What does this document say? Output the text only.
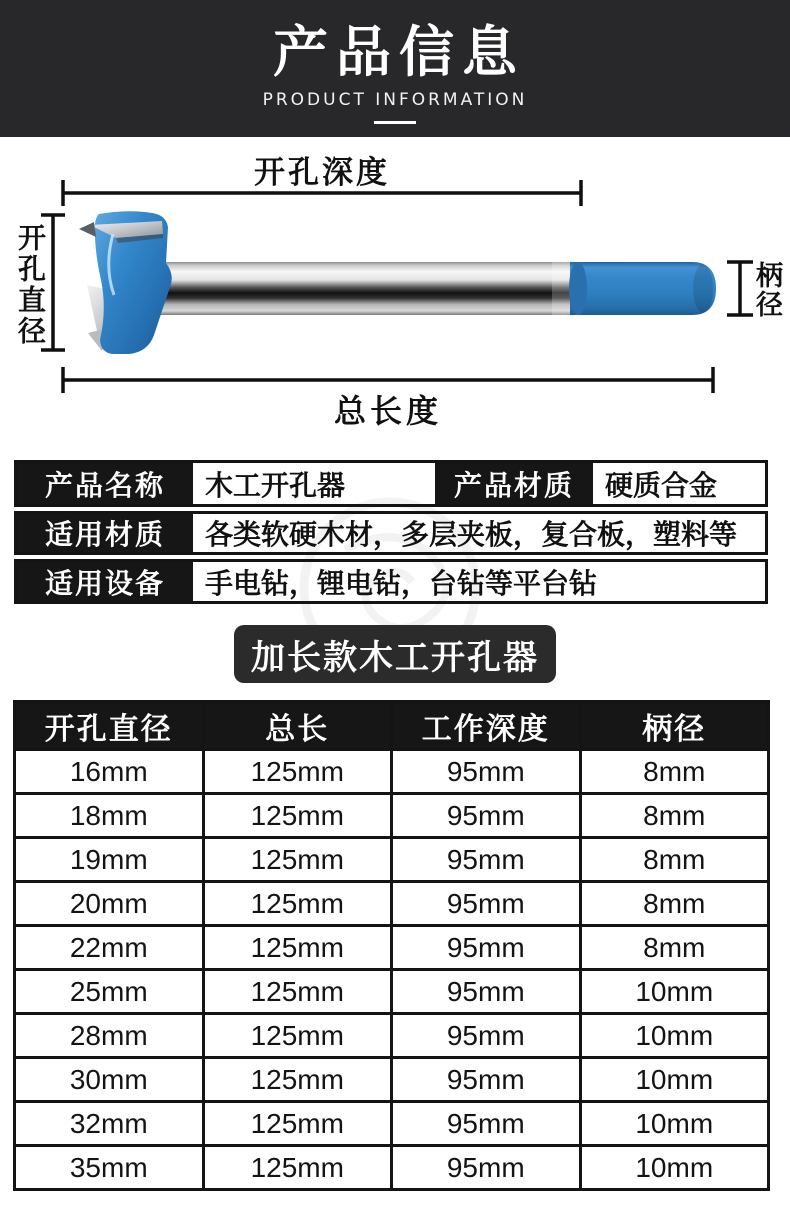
产品信息
PRODUCT INFORMATION
开孔深度
开孔直径	柄径
总长度
产品名称	木工开孔器	产品材质	硬质合金
适用材质	各类软硬木材，多层夹板，复合板，塑料等
适用设备	手电钻，锂电钻，台钻等平台钻
加长款木工开孔器
开孔直径	总长	工作深度	柄径
16mm	125mm	95mm	8mm
18mm	125mm	95mm	8mm
19mm	125mm	95mm	8mm
20mm	125mm	95mm	8mm
22mm	125mm	95mm	8mm
25mm	125mm	95mm	10mm
28mm	125mm	95mm	10mm
30mm	125mm	95mm	10mm
32mm	125mm	95mm	10mm
35mm	125mm	95mm	10mm
